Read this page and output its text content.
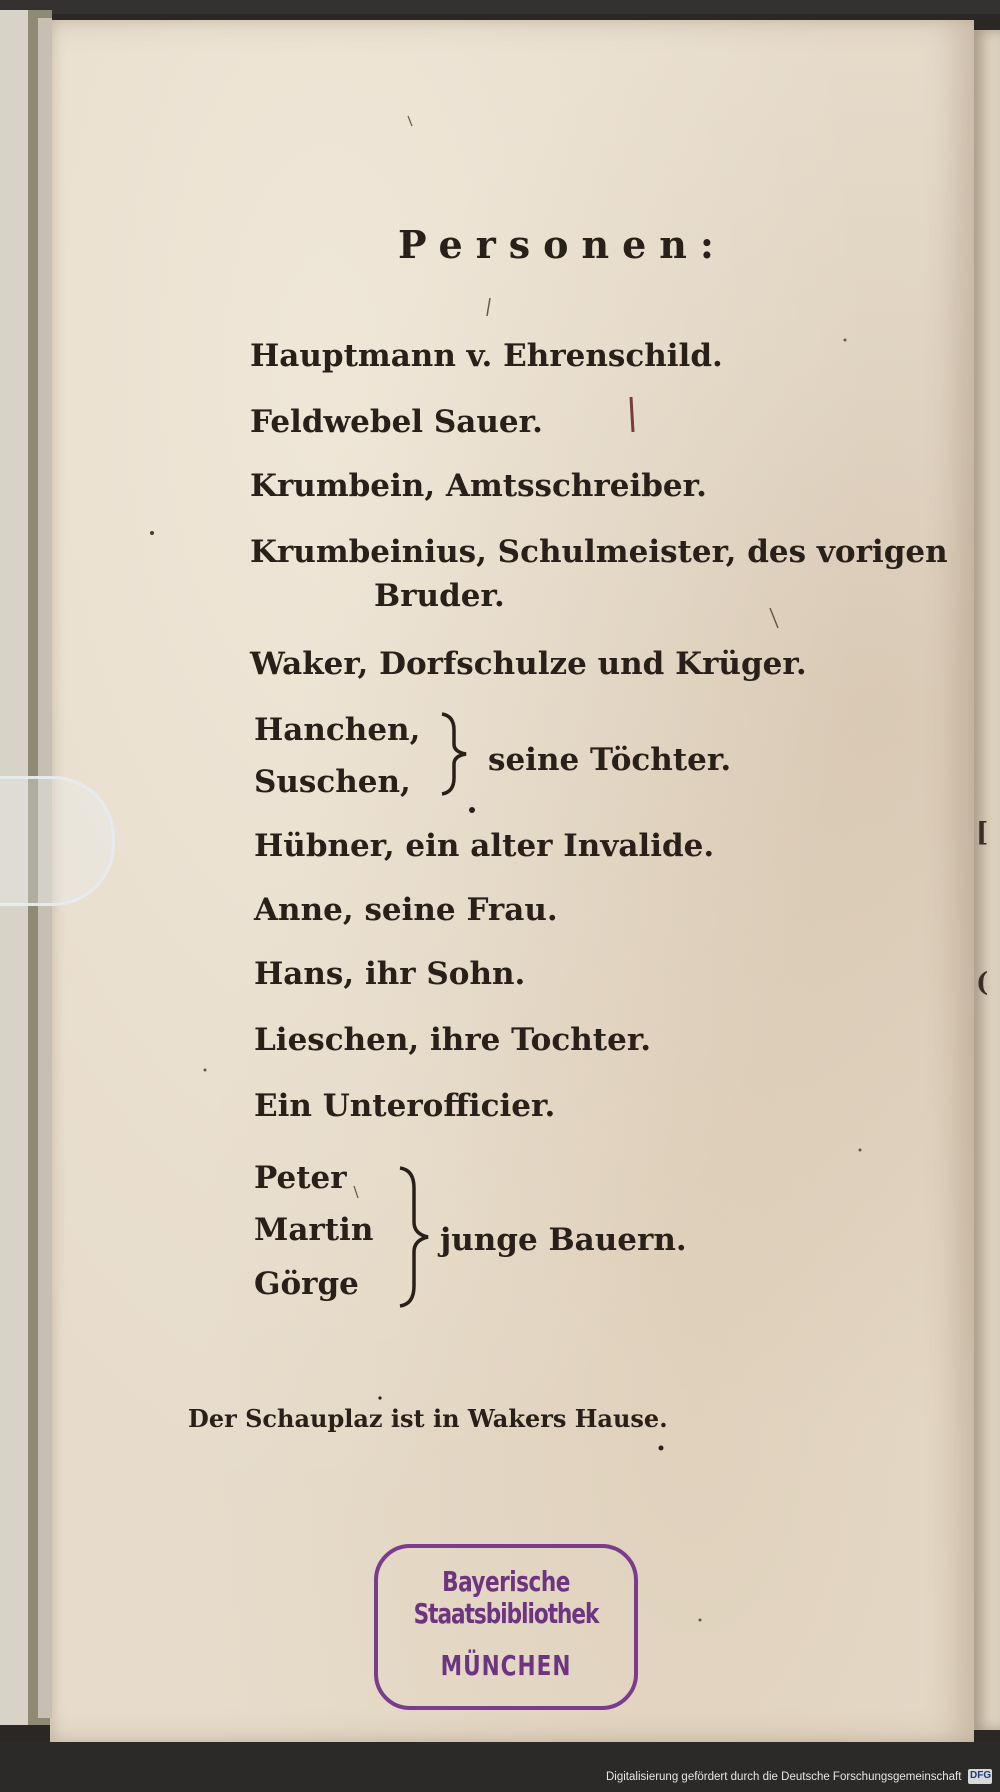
[
(
Personen:
Hauptmann v. Ehrenschild.
Feldwebel Sauer.
Krumbein, Amtsschreiber.
Krumbeinius, Schulmeister, des vorigen
Bruder.
Waker, Dorfschulze und Krüger.
Hanchen,
Suschen,
seine Töchter.
Hübner, ein alter Invalide.
Anne, seine Frau.
Hans, ihr Sohn.
Lieschen, ihre Tochter.
Ein Unterofficier.
Peter
Martin
Görge
junge Bauern.
Der Schauplaz ist in Wakers Hause.
Bayerische
Staatsbibliothek
MÜNCHEN
Digitalisierung gefördert durch die Deutsche Forschungsgemeinschaft DFG
